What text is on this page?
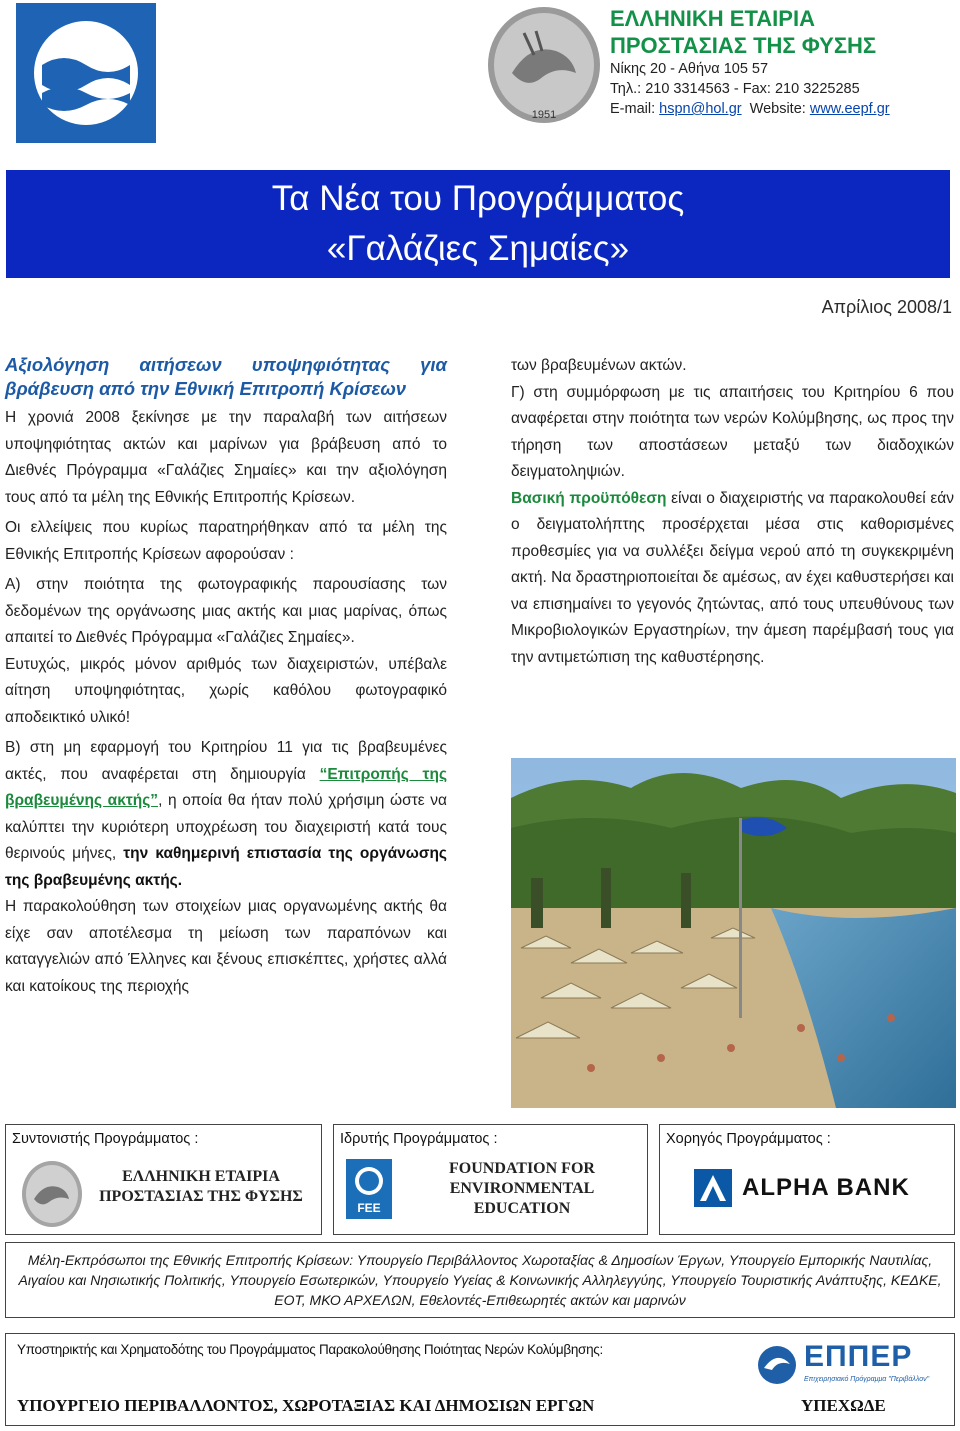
1951
ΕΛΛΗΝΙΚΗ ΕΤΑΙΡΙΑ
ΠΡΟΣΤΑΣΙΑΣ ΤΗΣ ΦΥΣΗΣ
Νίκης 20 - Αθήνα 105 57
Τηλ.: 210 3314563 - Fax: 210 3225285
E-mail: hspn@hol.gr Website: www.eepf.gr
Τα Νέα του Προγράμματος
«Γαλάζιες Σημαίες»
Απρίλιος 2008/1

Αξιολόγηση αιτήσεων υποψηφιότητας για βράβευση από την Εθνική Επιτροπή Κρίσεων

Η χρονιά 2008 ξεκίνησε με την παραλαβή των αιτήσεων υποψηφιότητας ακτών και μαρίνων για βράβευση από το Διεθνές Πρόγραμμα «Γαλάζιες Σημαίες» και την αξιολόγηση τους από τα μέλη της Εθνικής Επιτροπής Κρίσεων.

Οι ελλείψεις που κυρίως παρατηρήθηκαν από τα μέλη της Εθνικής Επιτροπής Κρίσεων αφορούσαν :

Α) στην ποιότητα της φωτογραφικής παρουσίασης των δεδομένων της οργάνωσης μιας ακτής και μιας μαρίνας, όπως απαιτεί το Διεθνές Πρόγραμμα «Γαλάζιες Σημαίες».

Ευτυχώς, μικρός μόνον αριθμός των διαχειριστών, υπέβαλε αίτηση υποψηφιότητας, χωρίς καθόλου φωτογραφικό αποδεικτικό υλικό!

Β) στη μη εφαρμογή του Κριτηρίου 11 για τις βραβευμένες ακτές, που αναφέρεται στη δημιουργία “Επιτροπής της βραβευμένης ακτής”, η οποία θα ήταν πολύ χρήσιμη ώστε να καλύπτει την κυριότερη υποχρέωση του διαχειριστή κατά τους θερινούς μήνες, την καθημερινή επιστασία της οργάνωσης της βραβευμένης ακτής.

Η παρακολούθηση των στοιχείων μιας οργανωμένης ακτής θα είχε σαν αποτέλεσμα τη μείωση των παραπόνων και καταγγελιών από Έλληνες και ξένους επισκέπτες, χρήστες αλλά και κατοίκους της περιοχής

των βραβευμένων ακτών.

Γ) στη συμμόρφωση με τις απαιτήσεις του Κριτηρίου 6 που αναφέρεται στην ποιότητα των νερών Κολύμβησης, ως προς την τήρηση των αποστάσεων μεταξύ των διαδοχικών δειγματοληψιών.

Βασική προϋπόθεση είναι ο διαχειριστής να παρακολουθεί εάν ο δειγματολήπτης προσέρχεται μέσα στις καθορισμένες προθεσμίες για να συλλέξει δείγμα νερού από τη συγκεκριμένη ακτή. Να δραστηριοποιείται δε αμέσως, αν έχει καθυστερήσει και να επισημαίνει το γεγονός ζητώντας, από τους υπευθύνους των Μικροβιολογικών Εργαστηρίων, την άμεση παρέμβασή τους για την αντιμετώπιση της καθυστέρησης.

Συντονιστής Προγράμματος :
ΕΛΛΗΝΙΚΗ ΕΤΑΙΡΙΑ ΠΡΟΣΤΑΣΙΑΣ ΤΗΣ ΦΥΣΗΣ
Ιδρυτής Προγράμματος :
FEE
FOUNDATION FOR ENVIRONMENTAL EDUCATION
Χορηγός Προγράμματος :
ALPHA BANK
Μέλη-Εκπρόσωποι της Εθνικής Επιτροπής Κρίσεων: Υπουργείο Περιβάλλοντος Χωροταξίας & Δημοσίων Έργων, Υπουργείο Εμπορικής Ναυτιλίας, Αιγαίου και Νησιωτικής Πολιτικής, Υπουργείο Εσωτερικών, Υπουργείο Υγείας & Κοινωνικής Αλληλεγγύης, Υπουργείο Τουριστικής Ανάπτυξης, ΚΕΔΚΕ, ΕΟΤ, ΜΚΟ ΑΡΧΕΛΩΝ, Εθελοντές-Επιθεωρητές ακτών και μαρινών
Υποστηρικτής και Χρηματοδότης του Προγράμματος Παρακολούθησης Ποιότητας Νερών Κολύμβησης:
ΥΠΟΥΡΓΕΙΟ ΠΕΡΙΒΑΛΛΟΝΤΟΣ, ΧΩΡΟΤΑΞΙΑΣ ΚΑΙ ΔΗΜΟΣΙΩΝ ΕΡΓΩΝ	ΥΠΕΧΩΔΕ
ΕΠΠΕΡ
Επιχειρησιακό Πρόγραμμα "Περιβάλλον"
